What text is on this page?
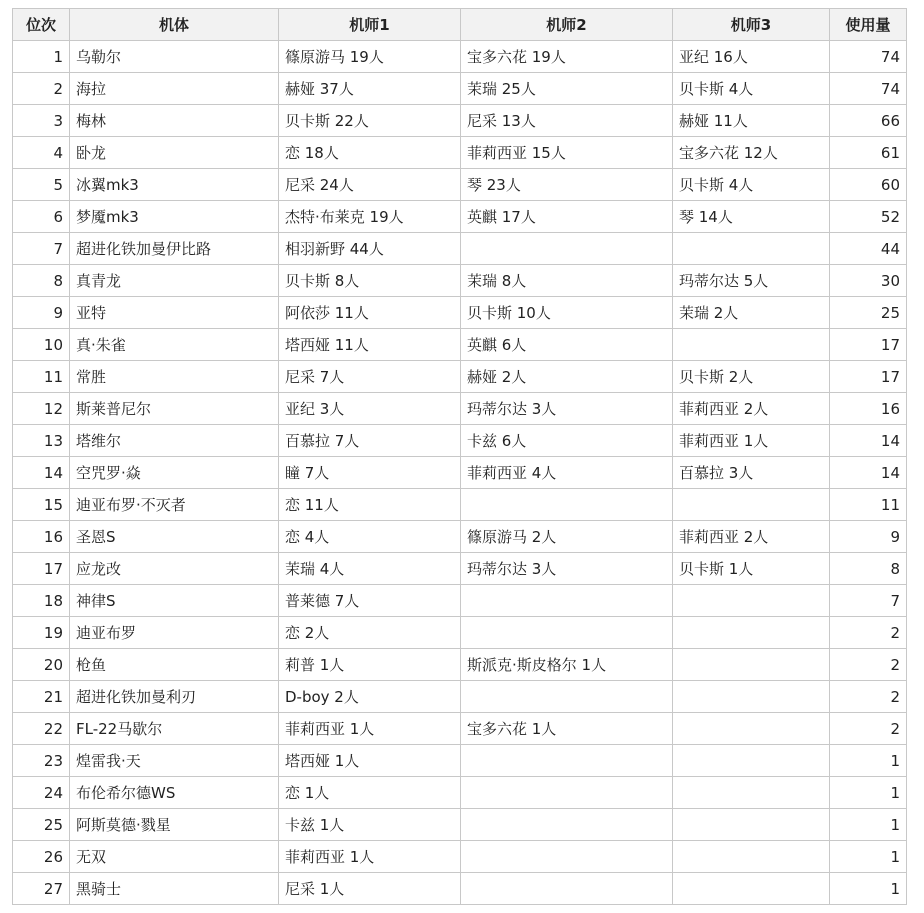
位次	机体	机师1	机师2	机师3	使用量
1	乌勒尔	篠原游马 19人	宝多六花 19人	亚纪 16人	74
2	海拉	赫娅 37人	茉瑞 25人	贝卡斯 4人	74
3	梅林	贝卡斯 22人	尼采 13人	赫娅 11人	66
4	卧龙	恋 18人	菲莉西亚 15人	宝多六花 12人	61
5	冰翼mk3	尼采 24人	琴 23人	贝卡斯 4人	60
6	梦魇mk3	杰特·布莱克 19人	英麒 17人	琴 14人	52
7	超进化铁加曼伊比路	相羽新野 44人			44
8	真青龙	贝卡斯 8人	茉瑞 8人	玛蒂尔达 5人	30
9	亚特	阿依莎 11人	贝卡斯 10人	茉瑞 2人	25
10	真·朱雀	塔西娅 11人	英麒 6人		17
11	常胜	尼采 7人	赫娅 2人	贝卡斯 2人	17
12	斯莱普尼尔	亚纪 3人	玛蒂尔达 3人	菲莉西亚 2人	16
13	塔维尔	百慕拉 7人	卡兹 6人	菲莉西亚 1人	14
14	空咒罗·焱	瞳 7人	菲莉西亚 4人	百慕拉 3人	14
15	迪亚布罗·不灭者	恋 11人			11
16	圣恩S	恋 4人	篠原游马 2人	菲莉西亚 2人	9
17	应龙改	茉瑞 4人	玛蒂尔达 3人	贝卡斯 1人	8
18	神律S	普莱德 7人			7
19	迪亚布罗	恋 2人			2
20	枪鱼	莉普 1人	斯派克·斯皮格尔 1人		2
21	超进化铁加曼利刃	D-boy 2人			2
22	FL-22马歇尔	菲莉西亚 1人	宝多六花 1人		2
23	煌雷我·天	塔西娅 1人			1
24	布伦希尔德WS	恋 1人			1
25	阿斯莫德·戮星	卡兹 1人			1
26	无双	菲莉西亚 1人			1
27	黑骑士	尼采 1人			1
